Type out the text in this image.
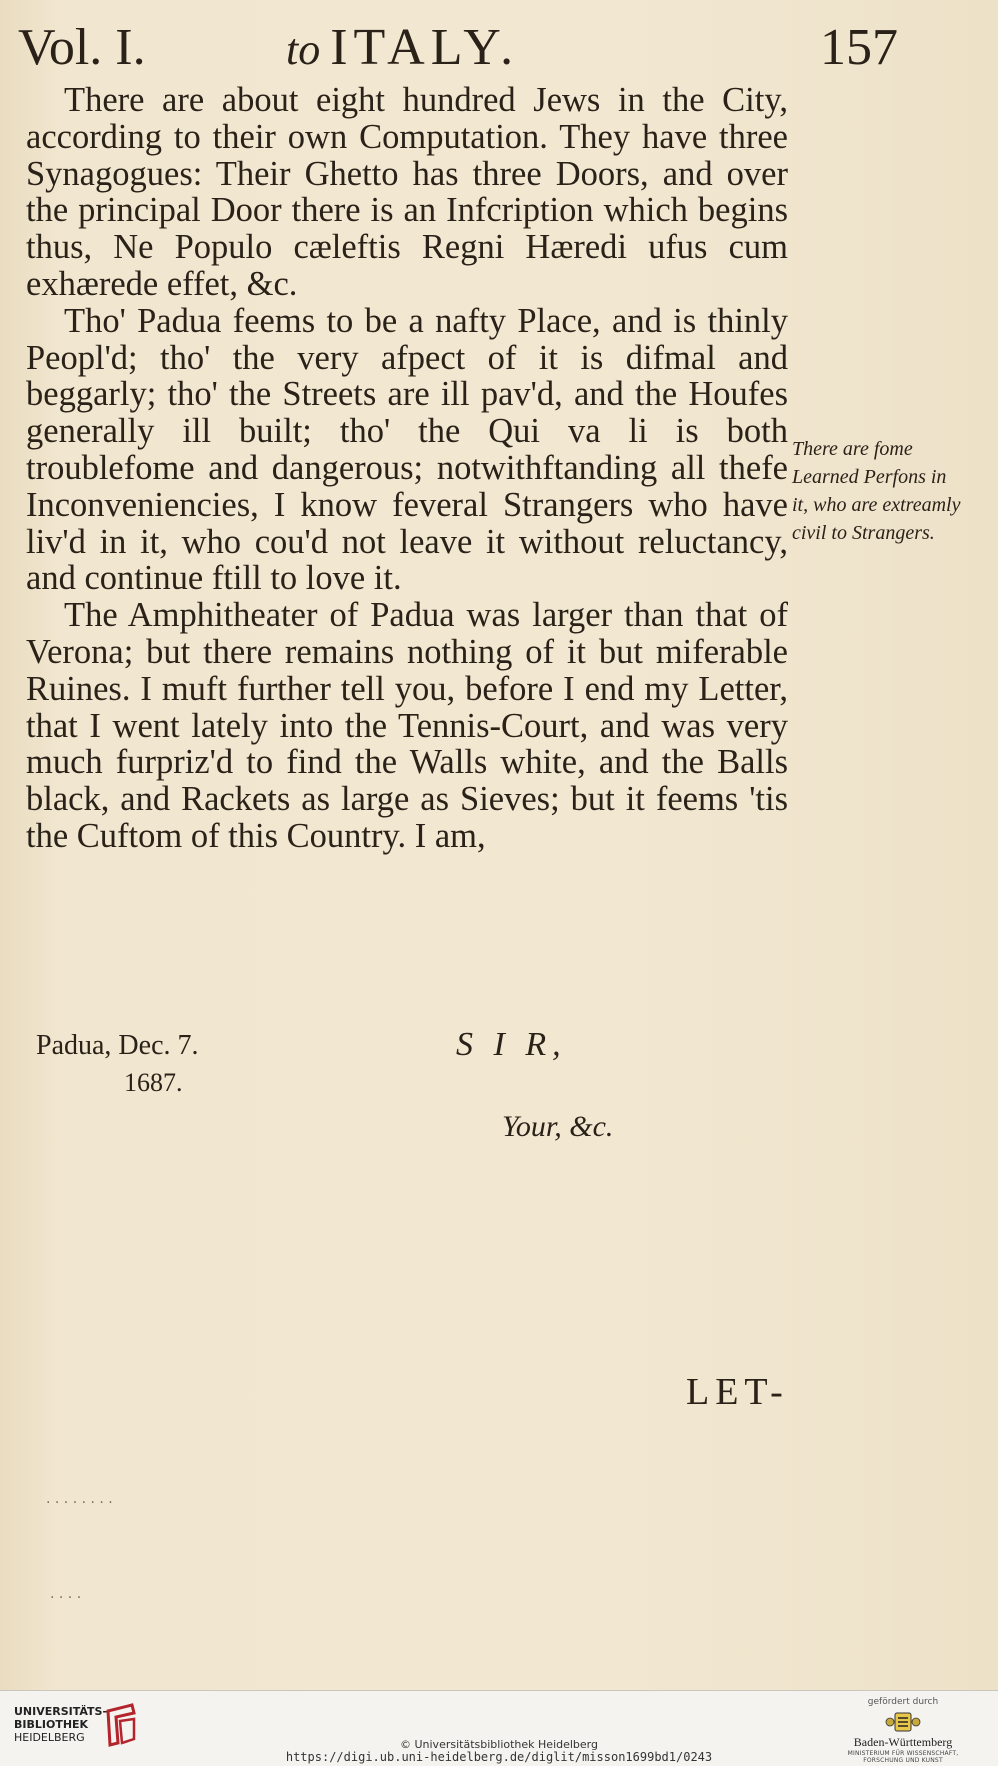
Vol. I.	to ITALY.	157

There are about eight hundred Jews in the City, according to their own Computation. They have three Synagogues: Their Ghetto has three Doors, and over the principal Door there is an Infcription which begins thus, Ne Populo cæleftis Regni Hæredi ufus cum exhærede effet, &c.

Tho' Padua feems to be a nafty Place, and is thinly Peopl'd; tho' the very afpect of it is difmal and beggarly; tho' the Streets are ill pav'd, and the Houfes generally ill built; tho' the Qui va li is both troublefome and dangerous; notwithftanding all thefe Inconveniencies, I know feveral Strangers who have liv'd in it, who cou'd not leave it without reluctancy, and continue ftill to love it.

The Amphitheater of Padua was larger than that of Verona; but there remains nothing of it but miferable Ruines. I muft further tell you, before I end my Letter, that I went lately into the Tennis-Court, and was very much furpriz'd to find the Walls white, and the Balls black, and Rackets as large as Sieves; but it feems 'tis the Cuftom of this Country. I am,

There are fome Learned Perfons in it, who are extreamly civil to Strangers.
Padua, Dec. 7.
1687.
S I R,
Your, &c.
LET-
· · · · · · · ·
· · · ·
UNIVERSITÄTS-
BIBLIOTHEK
HEIDELBERG
© Universitätsbibliothek Heidelberg
https://digi.ub.uni-heidelberg.de/diglit/misson1699bd1/0243
gefördert durch
Baden-Württemberg
MINISTERIUM FÜR WISSENSCHAFT, FORSCHUNG UND KUNST
